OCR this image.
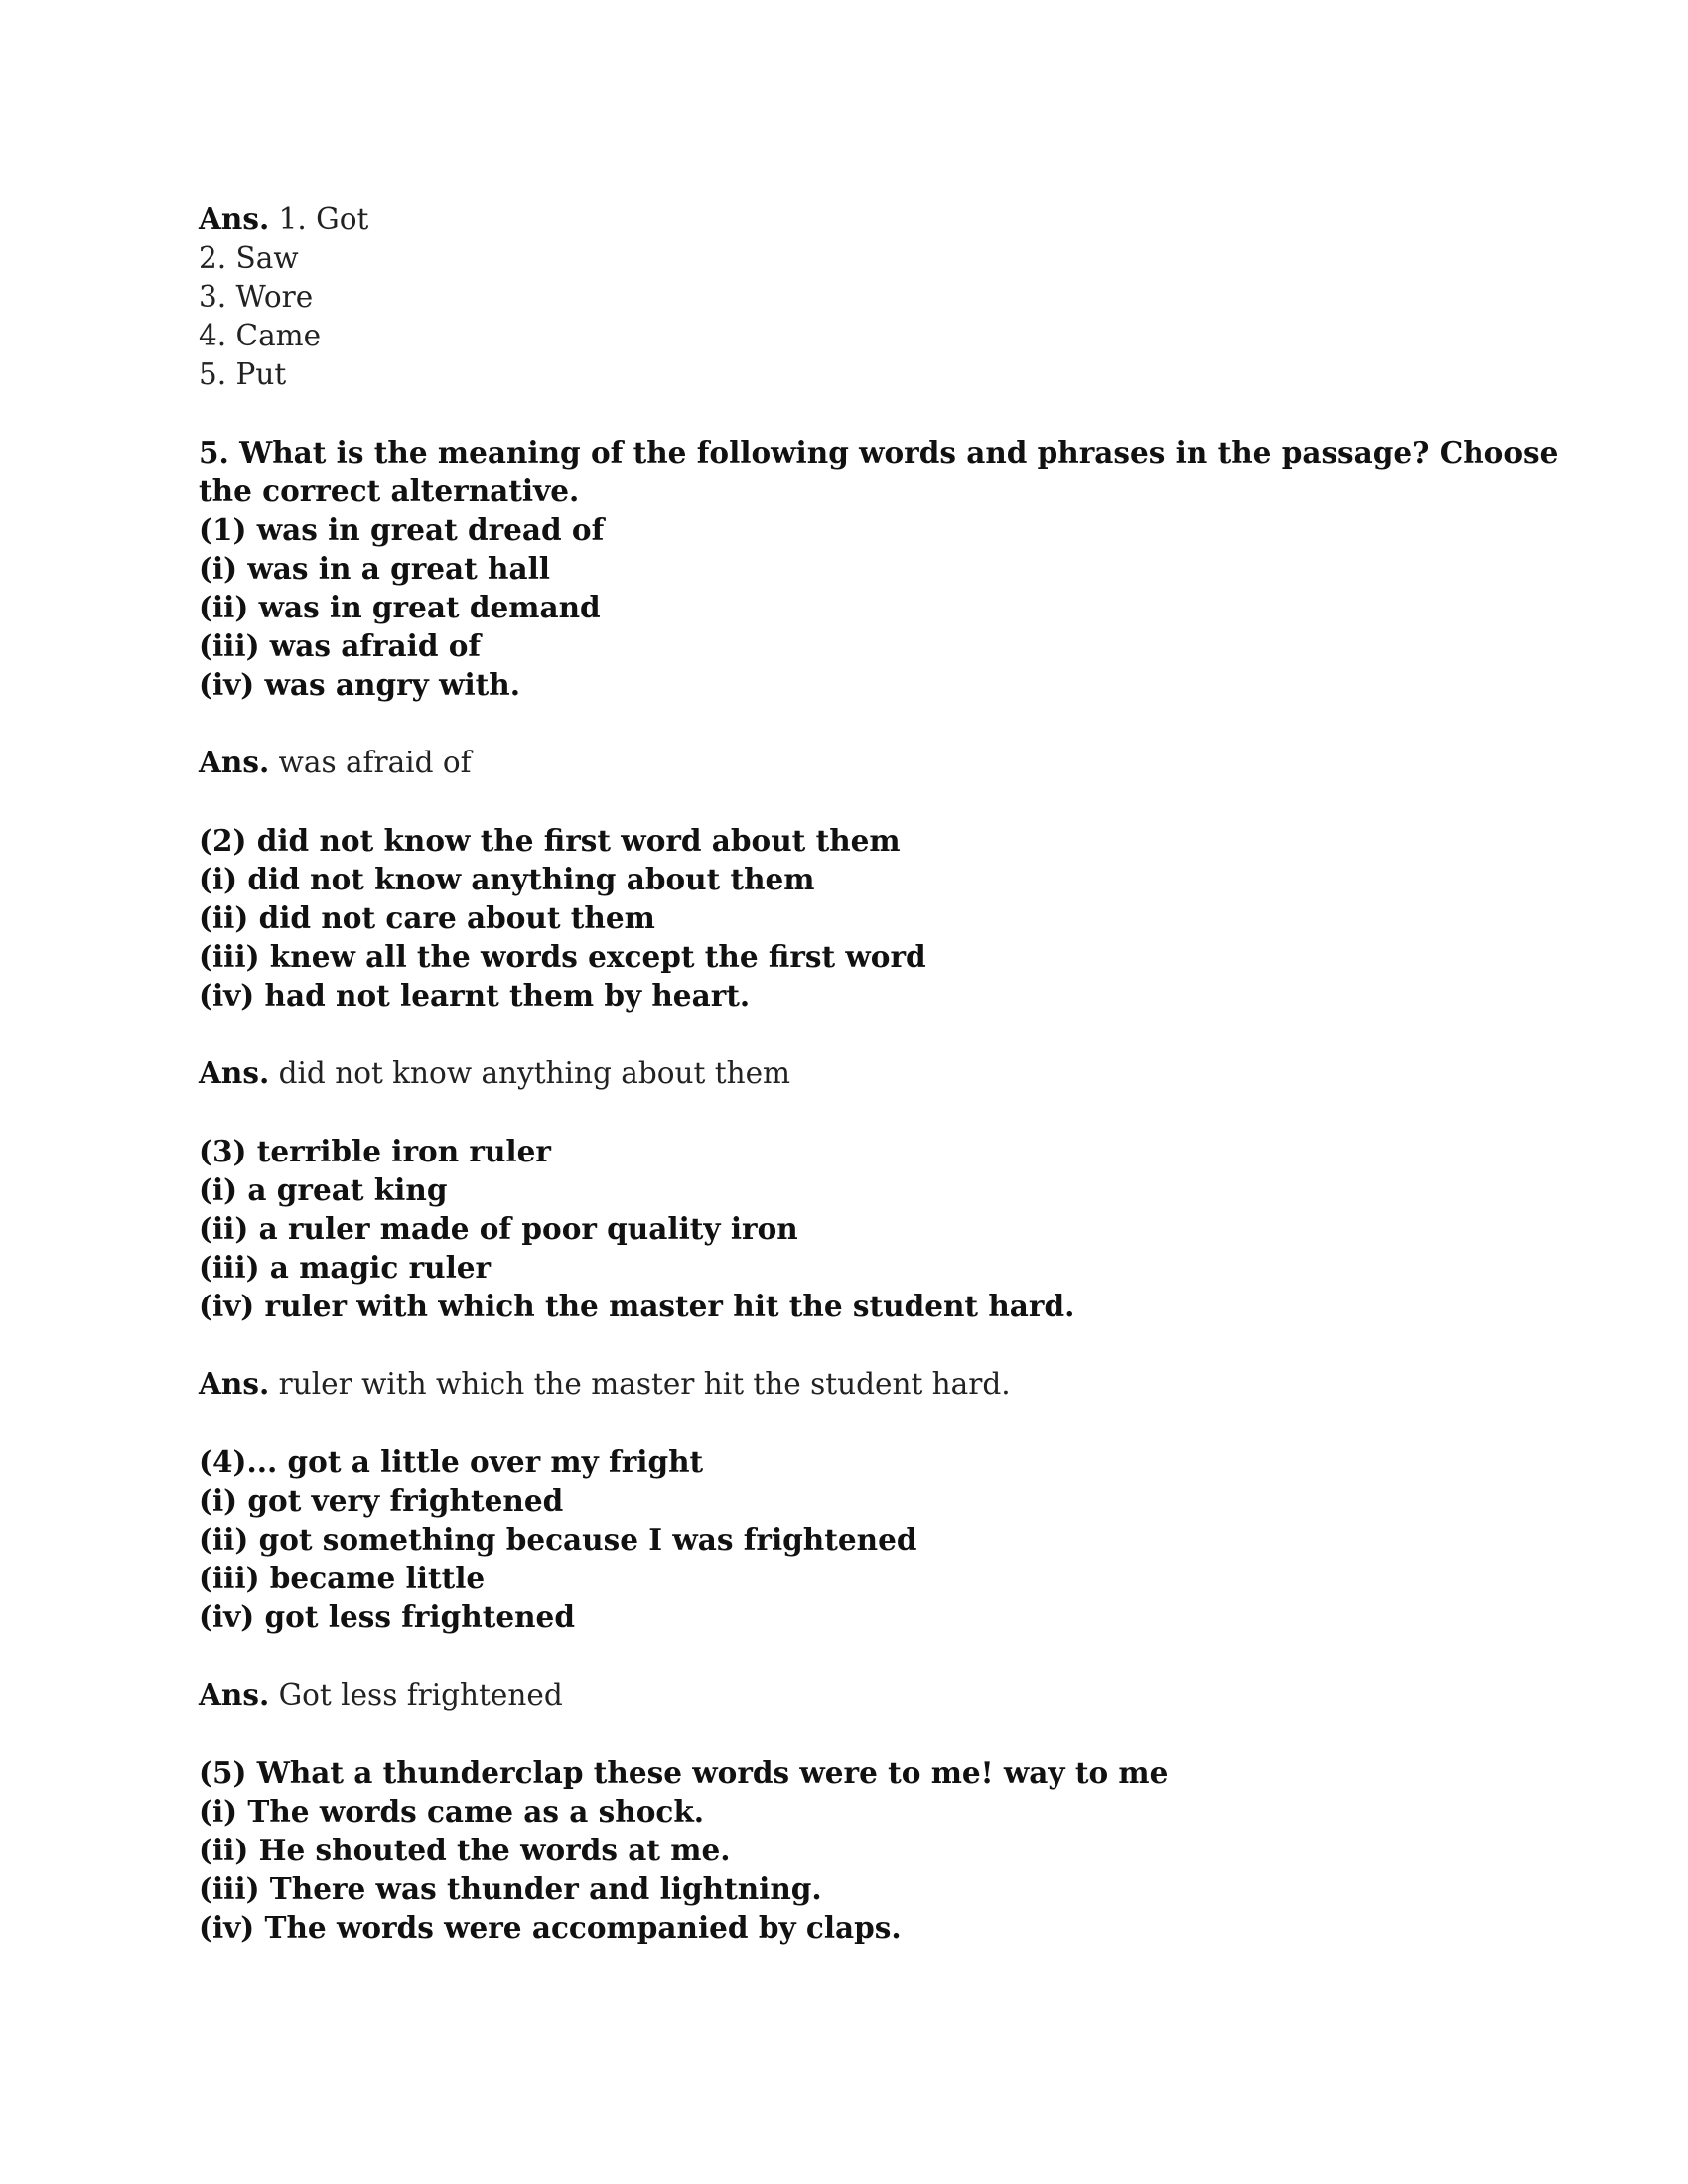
Ans. 1. Got
2. Saw
3. Wore
4. Came
5. Put
5. What is the meaning of the following words and phrases in the passage? Choose
the correct alternative.
(1) was in great dread of
(i) was in a great hall
(ii) was in great demand
(iii) was afraid of
(iv) was angry with.
Ans. was afraid of
(2) did not know the first word about them
(i) did not know anything about them
(ii) did not care about them
(iii) knew all the words except the first word
(iv) had not learnt them by heart.
Ans. did not know anything about them
(3) terrible iron ruler
(i) a great king
(ii) a ruler made of poor quality iron
(iii) a magic ruler
(iv) ruler with which the master hit the student hard.
Ans. ruler with which the master hit the student hard.
(4)... got a little over my fright
(i) got very frightened
(ii) got something because I was frightened
(iii) became little
(iv) got less frightened
Ans. Got less frightened
(5) What a thunderclap these words were to me! way to me
(i) The words came as a shock.
(ii) He shouted the words at me.
(iii) There was thunder and lightning.
(iv) The words were accompanied by claps.
